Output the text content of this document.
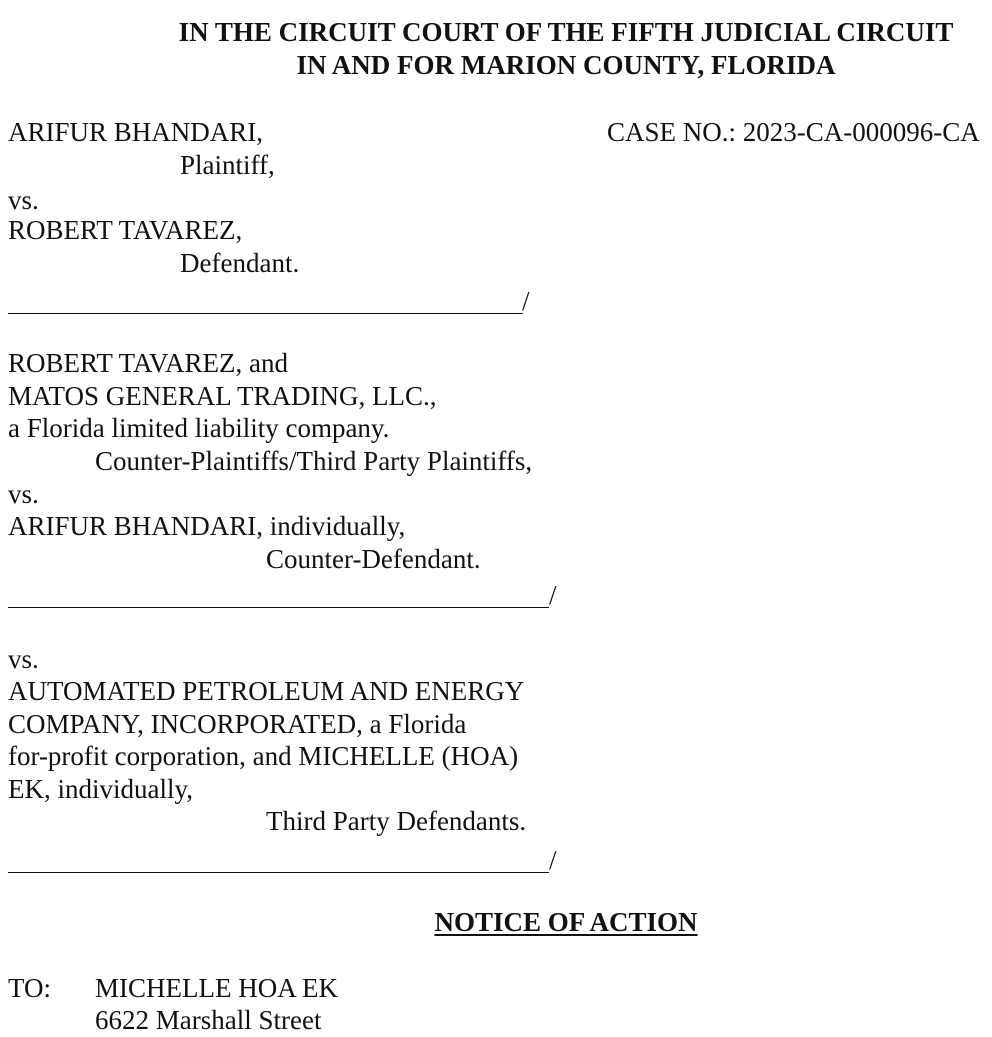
IN THE CIRCUIT COURT OF THE FIFTH JUDICIAL CIRCUIT
IN AND FOR MARION COUNTY, FLORIDA
CASE NO.: 2023-CA-000096-CA
ARIFUR BHANDARI,
Plaintiff,
vs.
ROBERT TAVAREZ,
Defendant.
/
ROBERT TAVAREZ, and
MATOS GENERAL TRADING, LLC.,
a Florida limited liability company.
Counter-Plaintiffs/Third Party Plaintiffs,
vs.
ARIFUR BHANDARI, individually,
Counter-Defendant.
/
vs.
AUTOMATED PETROLEUM AND ENERGY
COMPANY, INCORPORATED, a Florida
for-profit corporation, and MICHELLE (HOA)
EK, individually,
Third Party Defendants.
/
NOTICE OF ACTION
TO: MICHELLE HOA EK
6622 Marshall Street
